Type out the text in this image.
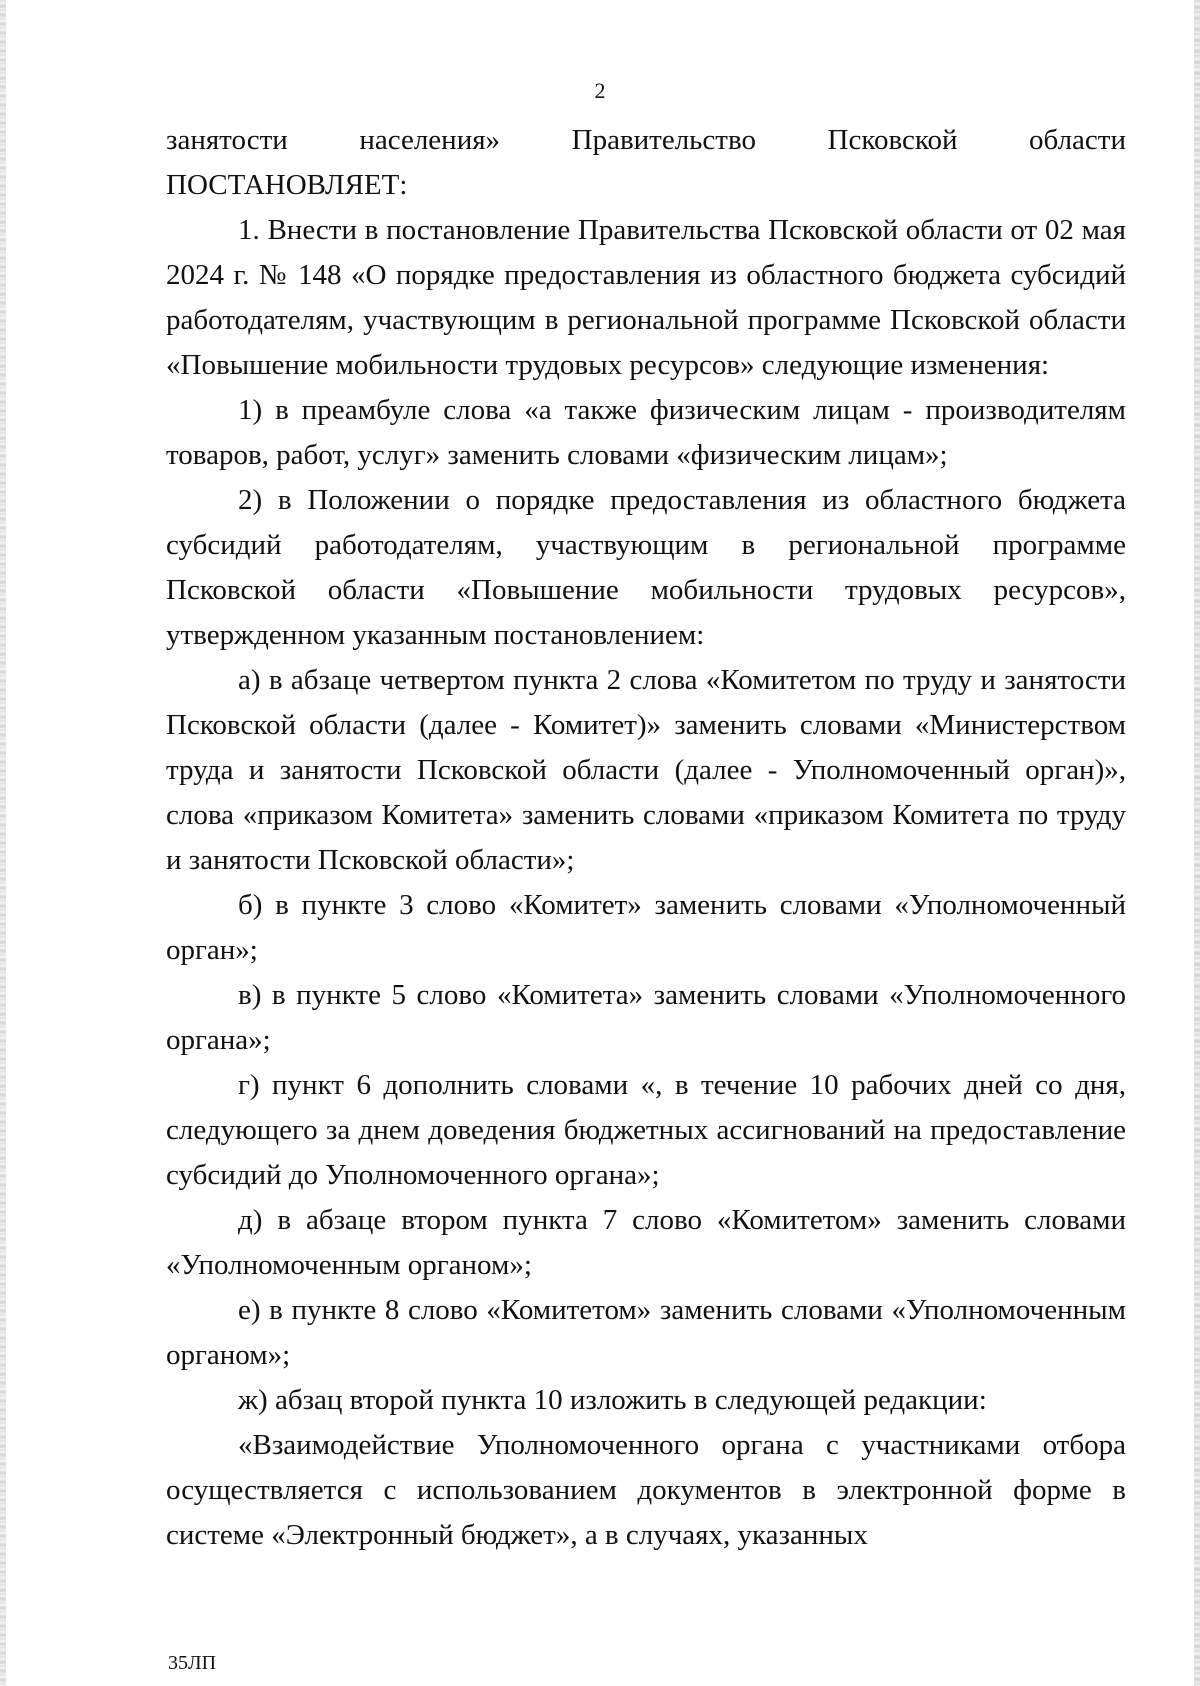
2

занятости населения» Правительство Псковской области

ПОСТАНОВЛЯЕТ:

1. Внести в постановление Правительства Псковской области от 02 мая 2024 г. № 148 «О порядке предоставления из областного бюджета субсидий работодателям, участвующим в региональной программе Псковской области «Повышение мобильности трудовых ресурсов» следующие изменения:

1) в преамбуле слова «а также физическим лицам - производителям товаров, работ, услуг» заменить словами «физическим лицам»;

2) в Положении о порядке предоставления из областного бюджета субсидий работодателям, участвующим в региональной программе Псковской области «Повышение мобильности трудовых ресурсов», утвержденном указанным постановлением:

а) в абзаце четвертом пункта 2 слова «Комитетом по труду и занятости Псковской области (далее - Комитет)» заменить словами «Министерством труда и занятости Псковской области (далее - Уполномоченный орган)», слова «приказом Комитета» заменить словами «приказом Комитета по труду и занятости Псковской области»;

б) в пункте 3 слово «Комитет» заменить словами «Уполномоченный орган»;

в) в пункте 5 слово «Комитета» заменить словами «Уполномоченного органа»;

г) пункт 6 дополнить словами «, в течение 10 рабочих дней со дня, следующего за днем доведения бюджетных ассигнований на предоставление субсидий до Уполномоченного органа»;

д) в абзаце втором пункта 7 слово «Комитетом» заменить словами «Уполномоченным органом»;

е) в пункте 8 слово «Комитетом» заменить словами «Уполномоченным органом»;

ж) абзац второй пункта 10 изложить в следующей редакции:

«Взаимодействие Уполномоченного органа с участниками отбора осуществляется с использованием документов в электронной форме в системе «Электронный бюджет», а в случаях, указанных

35ЛП
